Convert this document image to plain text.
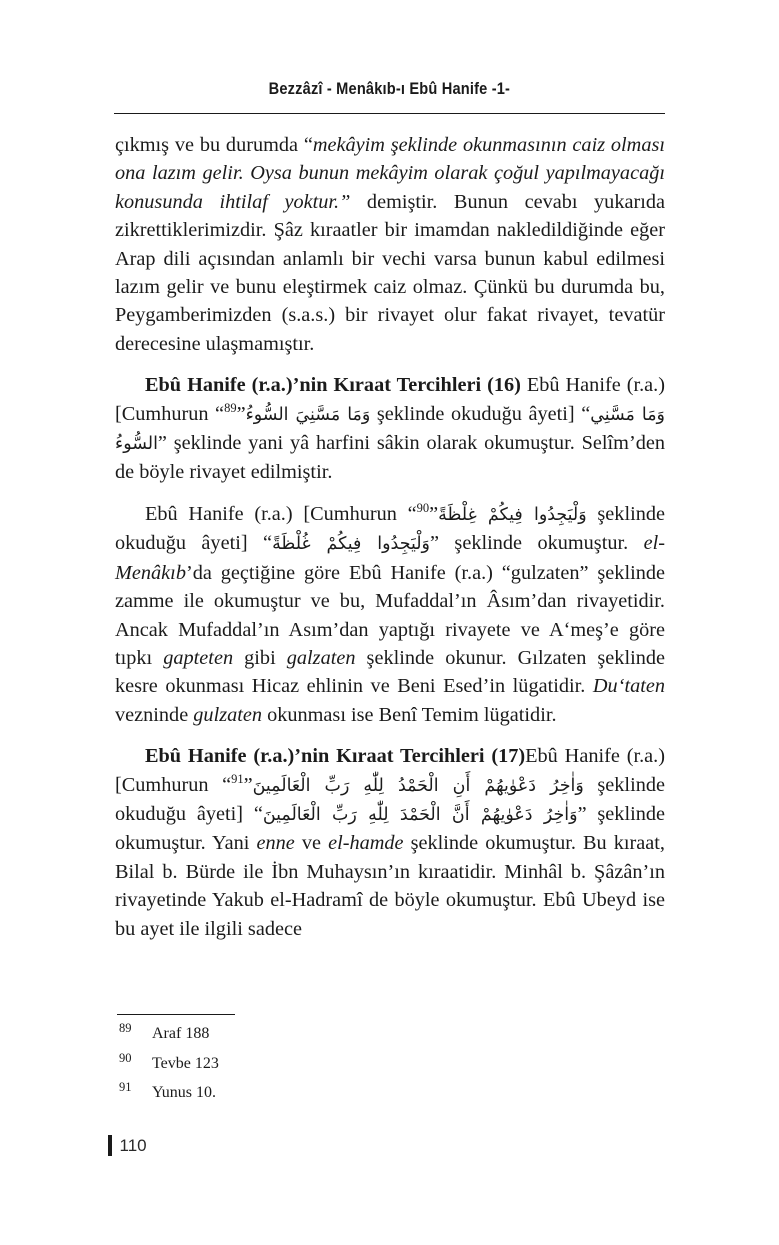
Bezzâzî - Menâkıb-ı Ebû Hanife -1-

çıkmış ve bu durumda “mekâyim şeklinde okunmasının caiz olması ona lazım gelir. Oysa bunun mekâyim olarak çoğul yapılmayacağı konusunda ihtilaf yoktur.” demiştir. Bunun cevabı yukarıda zikrettiklerimizdir. Şâz kıraatler bir imamdan nakledildiğinde eğer Arap dili açısından anlamlı bir vechi varsa bunun kabul edilmesi lazım gelir ve bunu eleştirmek caiz olmaz. Çünkü bu durumda bu, Peygamberimizden (s.a.s.) bir rivayet olur fakat rivayet, tevatür derecesine ulaşmamıştır.

Ebû Hanife (r.a.)’nin Kıraat Tercihleri (16) Ebû Hanife (r.a.) [Cumhurun “ وَمَا مَسَّنِيَ السُّوءُ”$^{89}$	şeklinde okuduğu âyeti] “وَمَا مَسَّنِي السُّوءُ” şeklinde yani yâ harfini sâkin olarak okumuştur. Selîm’den de böyle rivayet edilmiştir.

Ebû Hanife (r.a.) [Cumhurun “ وَلْيَجِدُوا فِيكُمْ غِلْظَةً”$^{90}$	şeklinde okuduğu âyeti] “وَلْيَجِدُوا فِيكُمْ غُلْظَةً” şeklinde okumuştur. el-Menâkıb’da geçtiğine göre Ebû Hanife (r.a.) “gulzaten” şeklinde zamme ile okumuştur ve bu, Mufaddal’ın Âsım’dan rivayetidir. Ancak Mufaddal’ın Asım’dan yaptığı rivayete ve A‘meş’e göre tıpkı gapteten gibi galzaten şeklinde okunur. Gılzaten şeklinde kesre okunması Hicaz ehlinin ve Beni Esed’in lügatidir. Du‘taten vezninde gulzaten okunması ise Benî Temim lügatidir.

Ebû Hanife (r.a.)’nin Kıraat Tercihleri (17)Ebû Hanife (r.a.) [Cumhurun “ وَاٰخِرُ دَعْوٰيهُمْ أَنِ الْحَمْدُ لِلّٰهِ رَبِّ الْعَالَمِينَ”$^{91}$	şeklinde okuduğu âyeti] “وَاٰخِرُ دَعْوٰيهُمْ أَنَّ الْحَمْدَ لِلّٰهِ رَبِّ الْعَالَمِينَ” şeklinde okumuştur. Yani enne ve el-hamde şeklinde okumuştur. Bu kıraat, Bilal b. Bürde ile İbn Muhaysın’ın kıraatidir. Minhâl b. Şâzân’ın rivayetinde Yakub el-Hadramî de böyle okumuştur. Ebû Ubeyd ise bu ayet ile ilgili sadece

89 Araf 188
90 Tevbe 123
91 Yunus 10.
110
